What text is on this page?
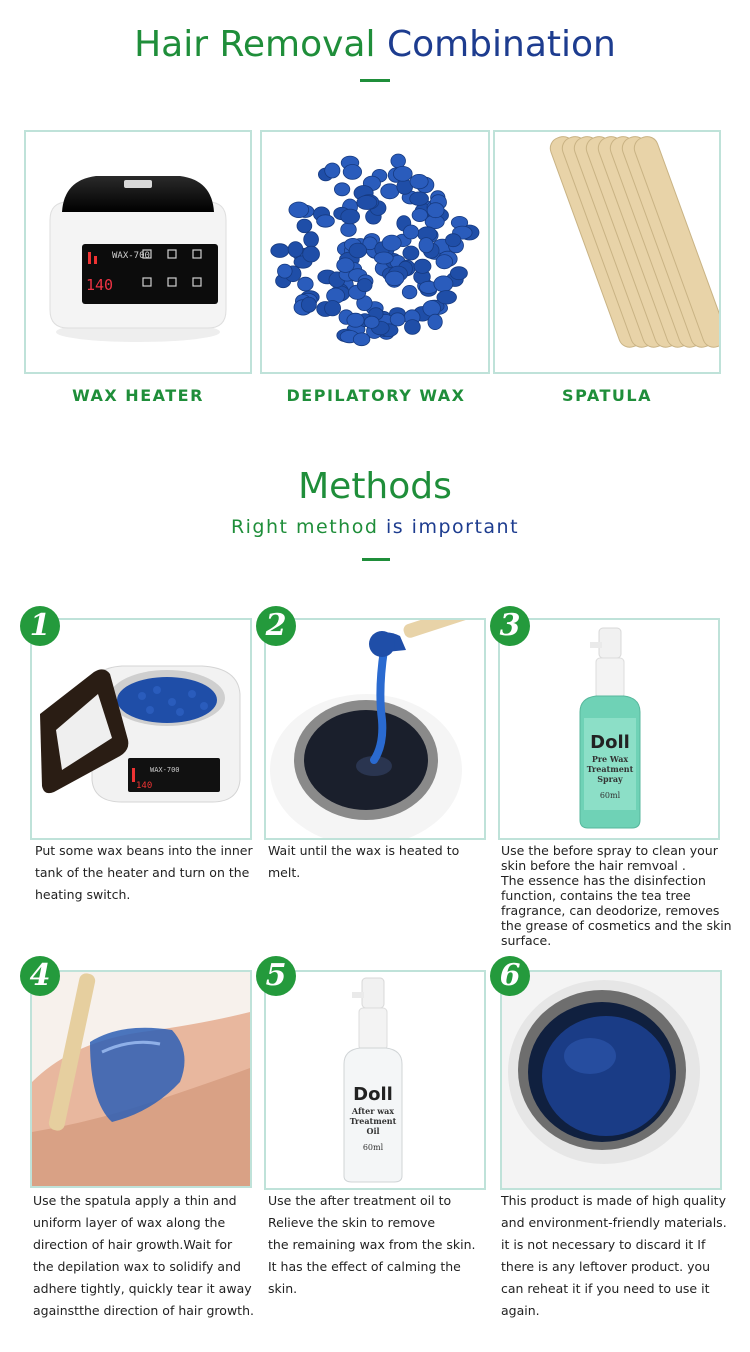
Hair Removal Combination
WAX-700
140
WAX HEATER	DEPILATORY WAX	SPATULA
Methods
Right method is important
WAX-700
140
1
Put some wax beans into the inner
tank of the heater and turn on the
heating switch.
2
Wait until the wax is heated to
melt.
Doll
Pre Wax
Treatment
Spray
60ml
3
Use the before spray to clean your
skin before the hair remvoal .
The essence has the disinfection
function, contains the tea tree
fragrance, can deodorize, removes
the grease of cosmetics and the skin
surface.
4
Use the spatula apply a thin and
uniform layer of wax along the
direction of hair growth.Wait for
the depilation wax to solidify and
adhere tightly, quickly tear it away
againstthe direction of hair growth.
Doll
After wax
Treatment
Oil
60ml
5
Use the after treatment oil to
Relieve the skin to remove
the remaining wax from the skin.
It has the effect of calming the
skin.
6
This product is made of high quality
and environment-friendly materials.
it is not necessary to discard it If
there is any leftover product. you
can reheat it if you need to use it
again.
